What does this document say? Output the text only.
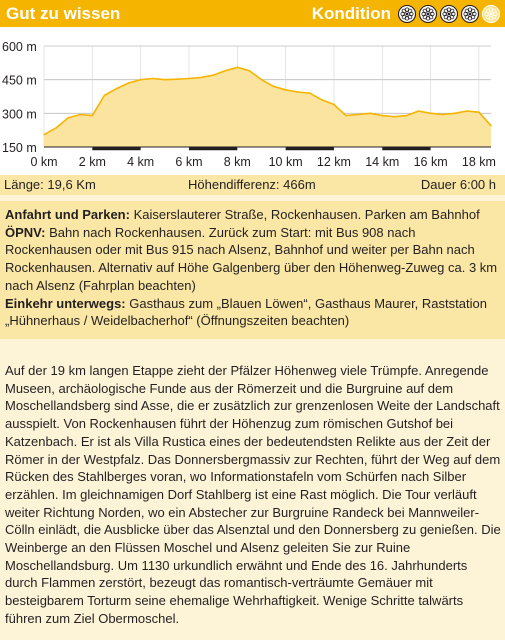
Gut zu wissen	Kondition
150 m
300 m
450 m
600 m
0 km 2 km 4 km 6 km 8 km 10 km 12 km 14 km 16 km 18 km
Länge: 19,6 Km	Höhendifferenz: 466m	Dauer 6:00 h

Anfahrt und Parken: Kaiserslauterer Straße, Rockenhausen. Parken am Bahnhof

ÖPNV: Bahn nach Rockenhausen. Zurück zum Start: mit Bus 908 nach Rockenhausen oder mit Bus 915 nach Alsenz, Bahnhof und weiter per Bahn nach Rockenhausen. Alternativ auf Höhe Galgenberg über den Höhenweg-Zuweg ca. 3 km nach Alsenz (Fahrplan beachten)

Einkehr unterwegs: Gasthaus zum „Blauen Löwen“, Gasthaus Maurer, Raststation „Hühnerhaus / Weidelbacherhof“ (Öffnungszeiten beachten)

Auf der 19 km langen Etappe zieht der Pfälzer Höhenweg viele Trümpfe. Anregende Museen, archäologische Funde aus der Römerzeit und die Burgruine auf dem Moschellandsberg sind Asse, die er zusätzlich zur grenzenlosen Weite der Landschaft ausspielt. Von Rockenhausen führt der Höhenzug zum römischen Gutshof bei Katzenbach. Er ist als Villa Rustica eines der bedeutendsten Relikte aus der Zeit der Römer in der Westpfalz. Das Donnersbergmassiv zur Rechten, führt der Weg auf dem Rücken des Stahlberges voran, wo Informationstafeln vom Schürfen nach Silber erzählen. Im gleichnamigen Dorf Stahlberg ist eine Rast möglich. Die Tour verläuft weiter Richtung Norden, wo ein Abstecher zur Burgruine Randeck bei Mannweiler-Cölln einlädt, die Ausblicke über das Alsenztal und den Donnersberg zu genießen. Die Weinberge an den Flüssen Moschel und Alsenz geleiten Sie zur Ruine Moschellandsburg. Um 1130 urkundlich erwähnt und Ende des 16. Jahrhunderts durch Flammen zerstört, bezeugt das romantisch-verträumte Gemäuer mit besteigbarem Torturm seine ehemalige Wehrhaftigkeit. Wenige Schritte talwärts führen zum Ziel Obermoschel.
